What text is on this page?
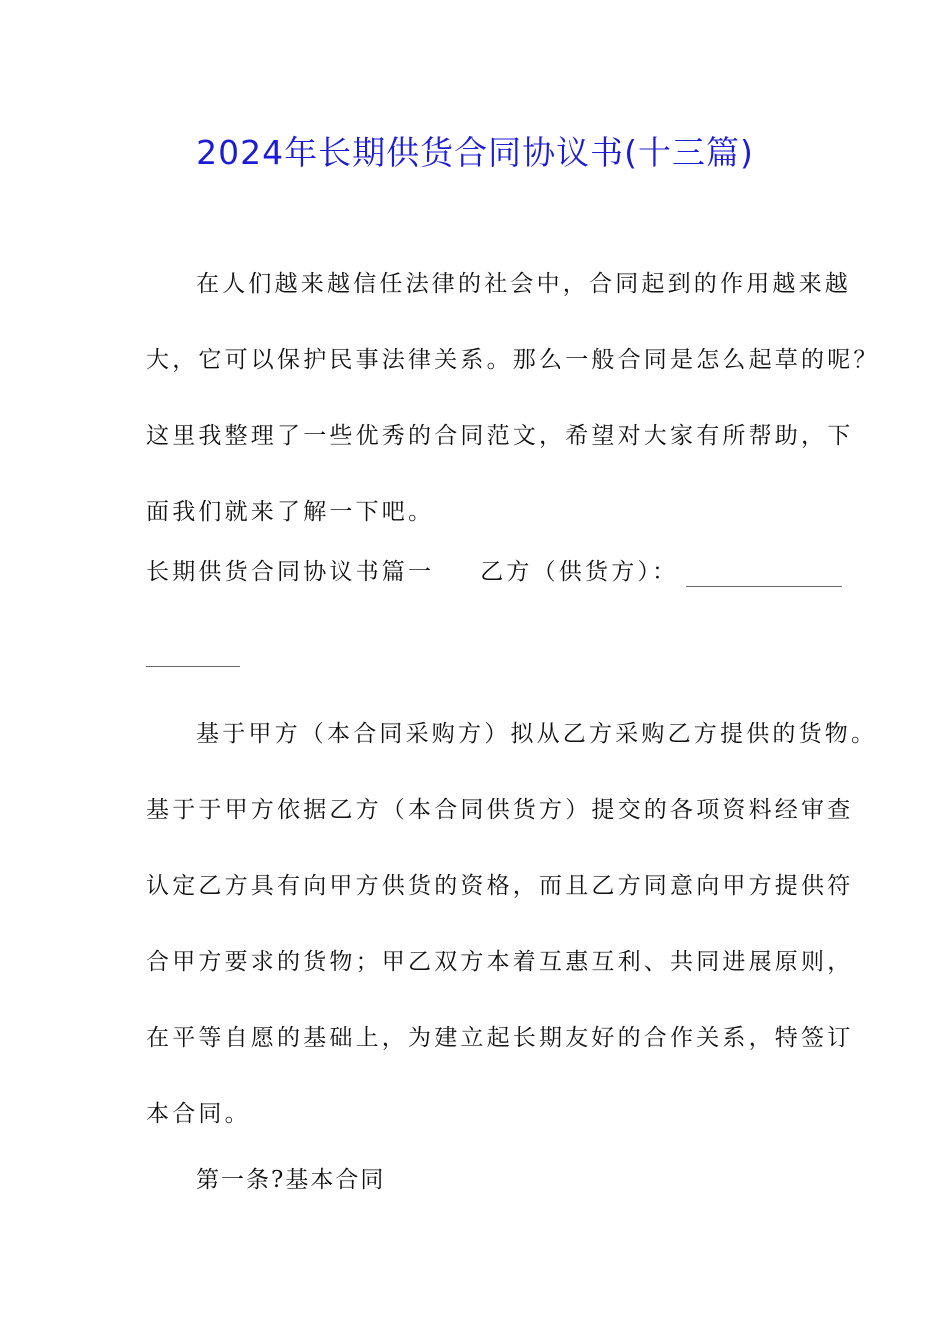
2024年长期供货合同协议书(十三篇)
在人们越来越信任法律的社会中，合同起到的作用越来越
大，它可以保护民事法律关系。那么一般合同是怎么起草的呢？
这里我整理了一些优秀的合同范文，希望对大家有所帮助，下
面我们就来了解一下吧。
长期供货合同协议书篇一 乙方（供货方）：
基于甲方（本合同采购方）拟从乙方采购乙方提供的货物。
基于于甲方依据乙方（本合同供货方）提交的各项资料经审查
认定乙方具有向甲方供货的资格，而且乙方同意向甲方提供符
合甲方要求的货物；甲乙双方本着互惠互利、共同进展原则，
在平等自愿的基础上，为建立起长期友好的合作关系，特签订
本合同。
第一条?基本合同
